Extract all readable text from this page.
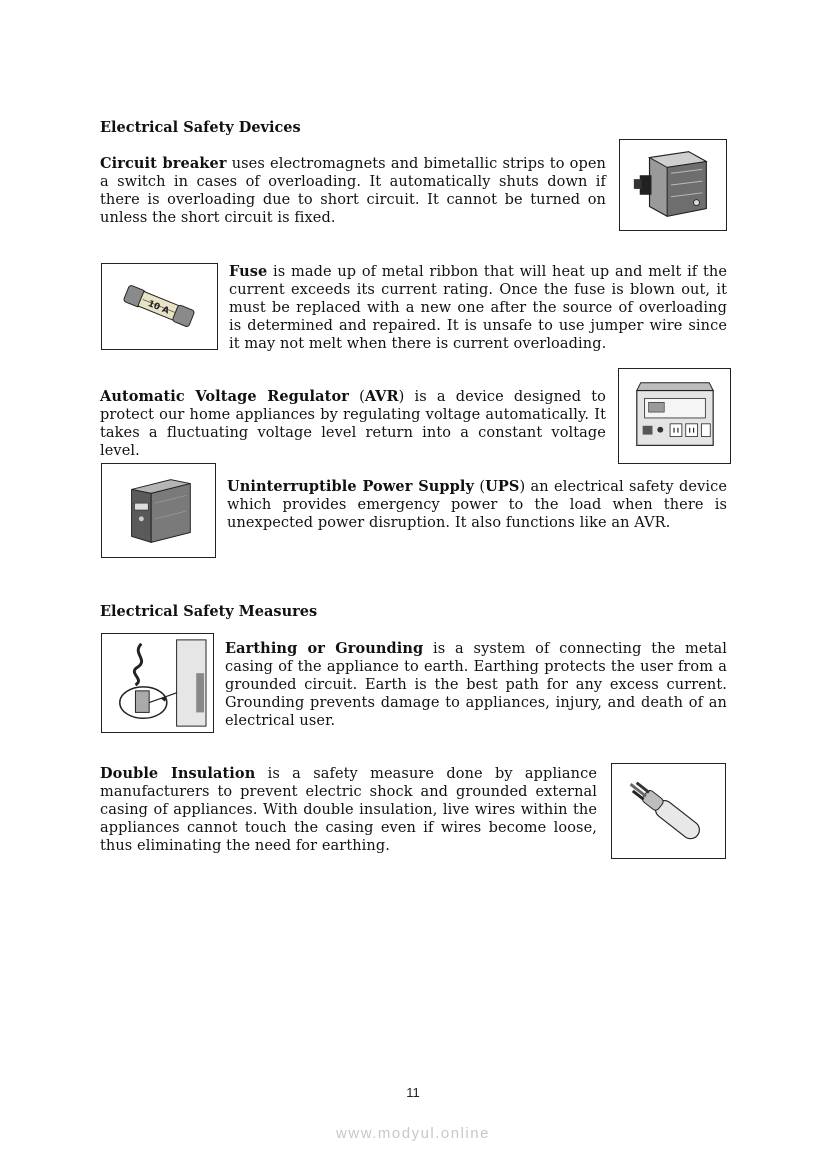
Electrical Safety Devices

Circuit breaker uses electromagnets and bimetallic strips to open a switch in cases of overloading. It automatically shuts down if there is overloading due to short circuit. It cannot be turned on unless the short circuit is fixed.

10 A

Fuse is made up of metal ribbon that will heat up and melt if the current exceeds its current rating. Once the fuse is blown out, it must be replaced with a new one after the source of overloading is determined and repaired. It is unsafe to use jumper wire since it may not melt when there is current overloading.

Automatic Voltage Regulator (AVR) is a device designed to protect our home appliances by regulating voltage automatically. It takes a fluctuating voltage level return into a constant voltage level.

Uninterruptible Power Supply (UPS) an electrical safety device which provides emergency power to the load when there is unexpected power disruption. It also functions like an AVR.

Electrical Safety Measures

Earthing or Grounding is a system of connecting the metal casing of the appliance to earth. Earthing protects the user from a grounded circuit. Earth is the best path for any excess current. Grounding prevents damage to appliances, injury, and death of an electrical user.

Double Insulation is a safety measure done by appliance manufacturers to prevent electric shock and grounded external casing of appliances. With double insulation, live wires within the appliances cannot touch the casing even if wires become loose, thus eliminating the need for earthing.

11
www.modyul.online
